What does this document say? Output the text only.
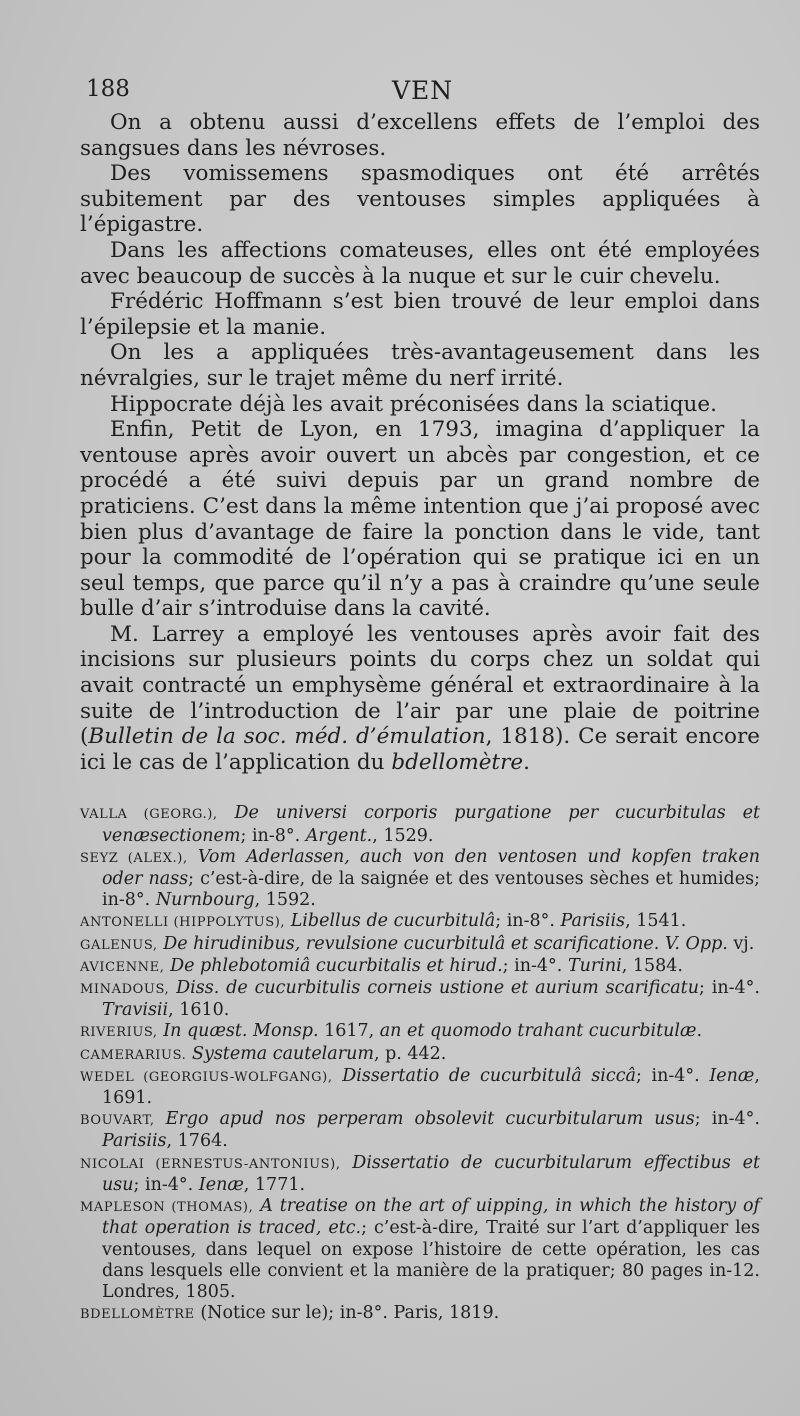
188	VEN

On a obtenu aussi d’excellens effets de l’emploi des sangsues dans les névroses.

Des vomissemens spasmodiques ont été arrêtés subitement par des ventouses simples appliquées à l’épigastre.

Dans les affections comateuses, elles ont été employées avec beaucoup de succès à la nuque et sur le cuir chevelu.

Frédéric Hoffmann s’est bien trouvé de leur emploi dans l’épilepsie et la manie.

On les a appliquées très-avantageusement dans les névralgies, sur le trajet même du nerf irrité.

Hippocrate déjà les avait préconisées dans la sciatique.

Enfin, Petit de Lyon, en 1793, imagina d’appliquer la ventouse après avoir ouvert un abcès par congestion, et ce procédé a été suivi depuis par un grand nombre de praticiens. C’est dans la même intention que j’ai proposé avec bien plus d’avantage de faire la ponction dans le vide, tant pour la commodité de l’opération qui se pratique ici en un seul temps, que parce qu’il n’y a pas à craindre qu’une seule bulle d’air s’introduise dans la cavité.

M. Larrey a employé les ventouses après avoir fait des incisions sur plusieurs points du corps chez un soldat qui avait contracté un emphysème général et extraordinaire à la suite de l’introduction de l’air par une plaie de poitrine (Bulletin de la soc. méd. d’émulation, 1818). Ce serait encore ici le cas de l’application du bdellomètre.

VALLA (GEORG.), De universi corporis purgatione per cucurbitulas et venæsectionem; in-8°. Argent., 1529.

SEYZ (ALEX.), Vom Aderlassen, auch von den ventosen und kopfen traken oder nass; c’est-à-dire, de la saignée et des ventouses sèches et humides; in-8°. Nurnbourg, 1592.

ANTONELLI (HIPPOLYTUS), Libellus de cucurbitulâ; in-8°. Parisiis, 1541.

GALENUS, De hirudinibus, revulsione cucurbitulâ et scarificatione. V. Opp. vj.

AVICENNE, De phlebotomiâ cucurbitalis et hirud.; in-4°. Turini, 1584.

MINADOUS, Diss. de cucurbitulis corneis ustione et aurium scarificatu; in-4°. Travisii, 1610.

RIVERIUS, In quæst. Monsp. 1617, an et quomodo trahant cucurbitulæ.

CAMERARIUS. Systema cautelarum, p. 442.

WEDEL (GEORGIUS-WOLFGANG), Dissertatio de cucurbitulâ siccâ; in-4°. Ienæ, 1691.

BOUVART, Ergo apud nos perperam obsolevit cucurbitularum usus; in-4°. Parisiis, 1764.

NICOLAI (ERNESTUS-ANTONIUS), Dissertatio de cucurbitularum effectibus et usu; in-4°. Ienæ, 1771.

MAPLESON (THOMAS), A treatise on the art of uipping, in which the history of that operation is traced, etc.; c’est-à-dire, Traité sur l’art d’appliquer les ventouses, dans lequel on expose l’histoire de cette opération, les cas dans lesquels elle convient et la manière de la pratiquer; 80 pages in-12. Londres, 1805.

BDELLOMÈTRE (Notice sur le); in-8°. Paris, 1819.
